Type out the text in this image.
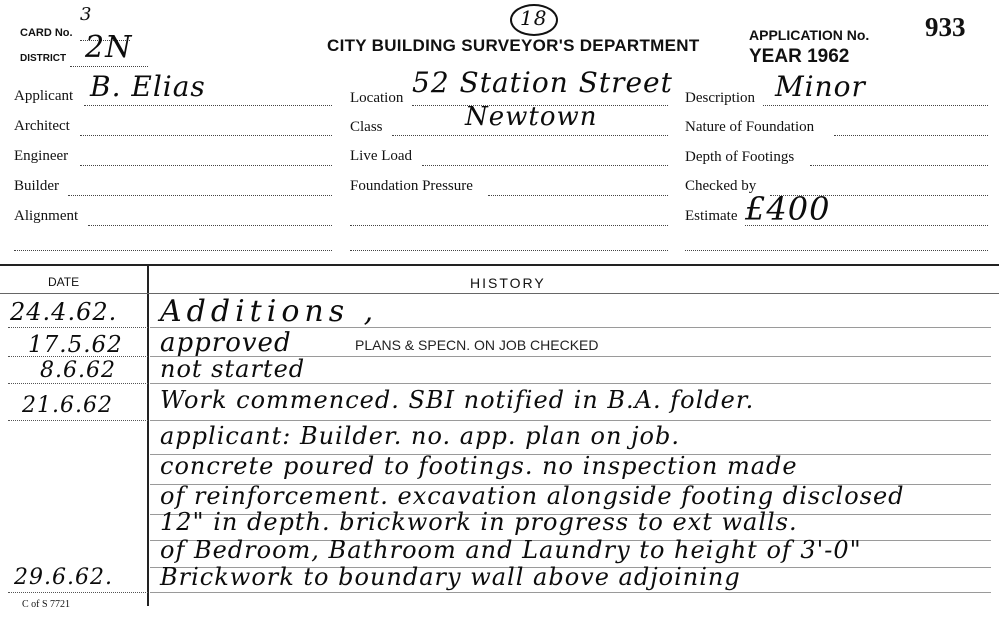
CARD No.
3
DISTRICT 2N	CITY BUILDING SURVEYOR'S DEPARTMENT
18
APPLICATION No. 933
YEAR 1962
Applicant B. Elias
Architect
Engineer
Builder
Alignment
Location 52 Station Street
Class	Newtown
Live Load
Foundation Pressure
Description Minor
Nature of Foundation
Depth of Footings
Checked by
Estimate £400
DATE	HISTORY
24.4.62. Additions ,
17.5.62 approved	PLANS & SPECN. ON JOB CHECKED
8.6.62 not started
21.6.62 Work commenced. SBI notified in B.A. folder.
applicant: Builder. no. app. plan on job.
concrete poured to footings. no inspection made
of reinforcement. excavation alongside footing disclosed
12" in depth. brickwork in progress to ext walls.
of Bedroom, Bathroom and Laundry to height of 3'-0"
29.6.62. Brickwork to boundary wall above adjoining
C of S 7721
